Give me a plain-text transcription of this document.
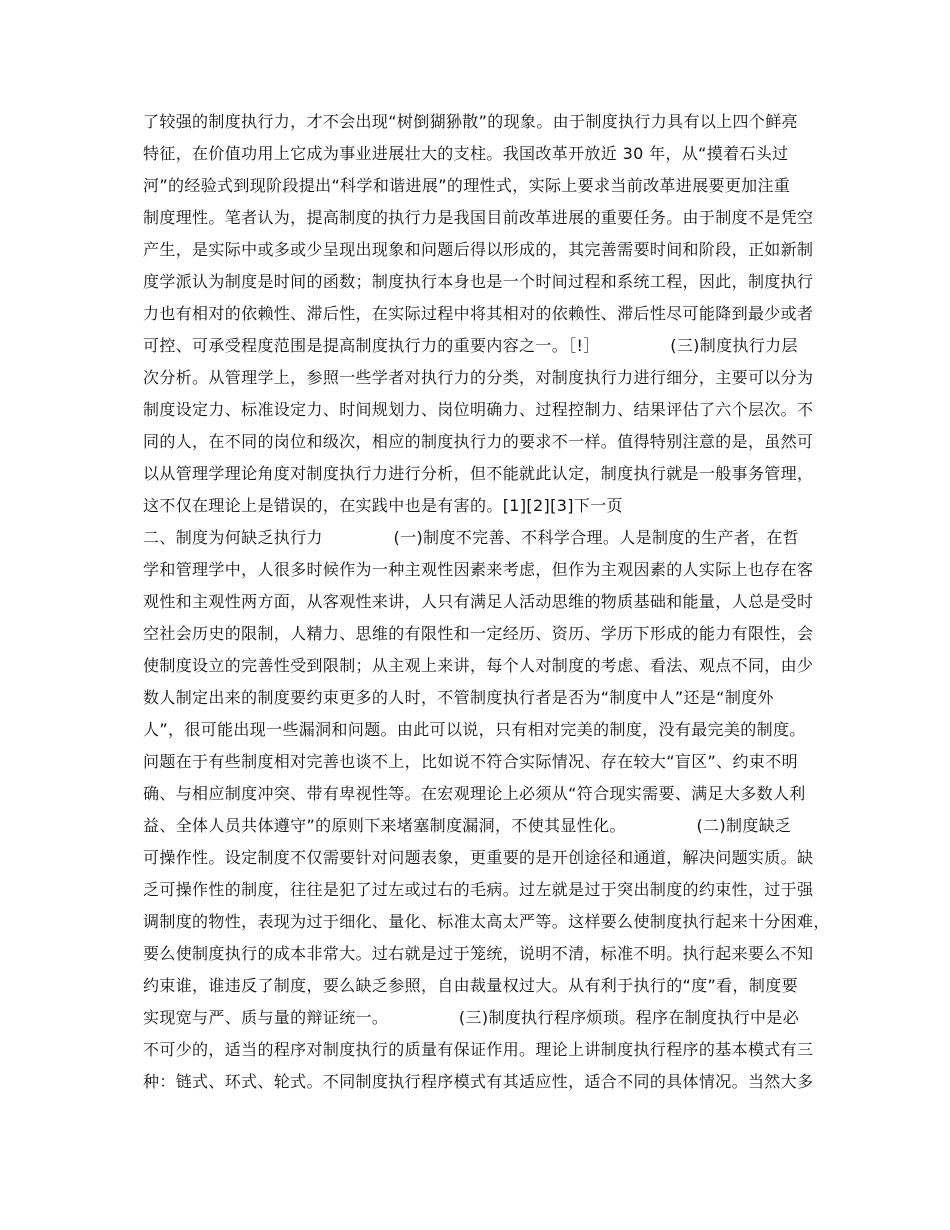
了较强的制度执行力，才不会出现“树倒猢狲散”的现象。由于制度执行力具有以上四个鲜亮
特征，在价值功用上它成为事业进展壮大的支柱。我国改革开放近 30 年，从“摸着石头过
河”的经验式到现阶段提出“科学和谐进展”的理性式，实际上要求当前改革进展要更加注重
制度理性。笔者认为，提高制度的执行力是我国目前改革进展的重要任务。由于制度不是凭空
产生，是实际中或多或少呈现出现象和问题后得以形成的，其完善需要时间和阶段，正如新制
度学派认为制度是时间的函数；制度执行本身也是一个时间过程和系统工程，因此，制度执行
力也有相对的依赖性、滞后性，在实际过程中将其相对的依赖性、滞后性尽可能降到最少或者
可控、可承受程度范围是提高制度执行力的重要内容之一。［!］             (三)制度执行力层
次分析。从管理学上，参照一些学者对执行力的分类，对制度执行力进行细分，主要可以分为
制度设定力、标准设定力、时间规划力、岗位明确力、过程控制力、结果评估了六个层次。不
同的人，在不同的岗位和级次，相应的制度执行力的要求不一样。值得特别注意的是，虽然可
以从管理学理论角度对制度执行力进行分析，但不能就此认定，制度执行就是一般事务管理，
这不仅在理论上是错误的，在实践中也是有害的。[1][2][3]下一页
二、制度为何缺乏执行力             (一)制度不完善、不科学合理。人是制度的生产者，在哲
学和管理学中，人很多时候作为一种主观性因素来考虑，但作为主观因素的人实际上也存在客
观性和主观性两方面，从客观性来讲，人只有满足人活动思维的物质基础和能量，人总是受时
空社会历史的限制，人精力、思维的有限性和一定经历、资历、学历下形成的能力有限性，会
使制度设立的完善性受到限制；从主观上来讲，每个人对制度的考虑、看法、观点不同，由少
数人制定出来的制度要约束更多的人时，不管制度执行者是否为“制度中人”还是“制度外
人”，很可能出现一些漏洞和问题。由此可以说，只有相对完美的制度，没有最完美的制度。
问题在于有些制度相对完善也谈不上，比如说不符合实际情况、存在较大“盲区”、约束不明
确、与相应制度冲突、带有卑视性等。在宏观理论上必须从“符合现实需要、满足大多数人利
益、全体人员共体遵守”的原则下来堵塞制度漏洞，不使其显性化。             (二)制度缺乏
可操作性。设定制度不仅需要针对问题表象，更重要的是开创途径和通道，解决问题实质。缺
乏可操作性的制度，往往是犯了过左或过右的毛病。过左就是过于突出制度的约束性，过于强
调制度的物性，表现为过于细化、量化、标准太高太严等。这样要么使制度执行起来十分困难，
要么使制度执行的成本非常大。过右就是过于笼统，说明不清，标准不明。执行起来要么不知
约束谁，谁违反了制度，要么缺乏参照，自由裁量权过大。从有利于执行的“度”看，制度要
实现宽与严、质与量的辩证统一。             (三)制度执行程序烦琐。程序在制度执行中是必
不可少的，适当的程序对制度执行的质量有保证作用。理论上讲制度执行程序的基本模式有三
种：链式、环式、轮式。不同制度执行程序模式有其适应性，适合不同的具体情况。当然大多
